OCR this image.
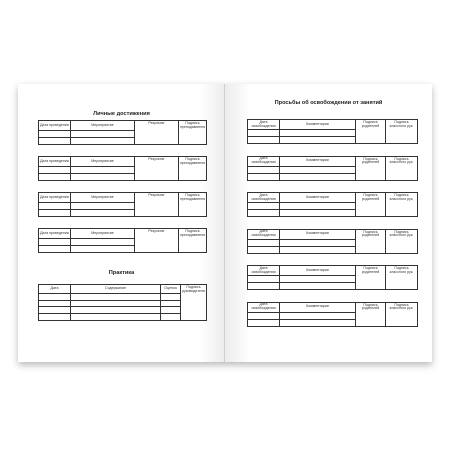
Личные достижения
Дата проведения	Мероприятие	Результат	Подпись преподавателя

Дата проведения	Мероприятие	Результат	Подпись преподавателя

Дата проведения	Мероприятие	Результат	Подпись преподавателя

Дата проведения	Мероприятие	Результат	Подпись преподавателя

Практика
Дата	Содержание	Оценка	Подпись руководителя

Просьбы об освобождении от занятий
Дата освобождения	Комментарии	Подпись родителей	Подпись классного рук.

Дата освобождения	Комментарии	Подпись родителей	Подпись классного рук.

Дата освобождения	Комментарии	Подпись родителей	Подпись классного рук.

Дата освобождения	Комментарии	Подпись родителей	Подпись классного рук.

Дата освобождения	Комментарии	Подпись родителей	Подпись классного рук.

Дата освобождения	Комментарии	Подпись родителей	Подпись классного рук.
